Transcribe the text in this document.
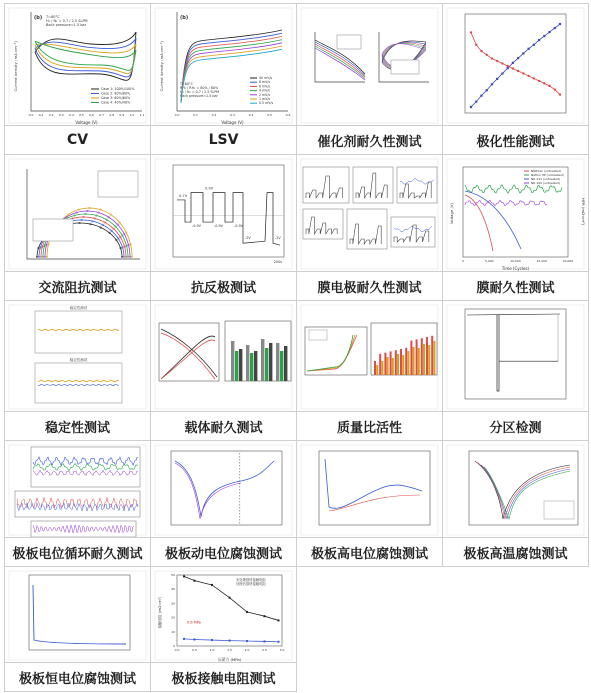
(b) T=80°C
H₂ / N₂ = 0.7 / 2.5 SLPM
Back pressure=1.5 bar
Current density (mA cm⁻²)
Voltage (V)
0.0 0.1 0.2 0.3 0.4 0.5 0.6 0.7 0.8 0.9 1.0 1.1
Case 1: 100%/100%
Case 2: 80%/80%
Case 3: 60%/60%
Case 4: 40%/40%
CV
(b)
T=80°C
RH₂ / RH₂ = 80% / 80%
H₂ / N₂ = 0.7 / 2.5 SLPM
Back pressure=1.5 bar
Current density (mA cm⁻²)
Voltage (V)
0.0	0.1	0.2	0.3	0.4	0.5	0.6
40 mV/s
8 mV/s
6 mV/s
4 mV/s
2 mV/s
1 mV/s
0.5 mV/s
LSV	催化剂耐久性测试	极化性能测试
交流阻抗测试
0.7V
0.9V
-0.9V	-0.9V	-0.9V
-2V	-2V
200s
抗反极测试	膜电极耐久性测试
Voltage (V)	HFR (mΩ·cm²)
Time (Cycles)
0	5,000	10,000	15,000	20,000
NRE211 (untreated)
Nafion HP (untreated)
NR 211 (untreated)
NR 10S (untreated)
膜耐久性测试
稳定性测试
稳定性测试
稳定性测试	载体耐久测试	质量比活性	分区检测
极板电位循环耐久测试	极板动电位腐蚀测试	极板高电位腐蚀测试	极板高温腐蚀测试
极板恒电位腐蚀测试
未处理基材接触电阻
处理后基材接触电阻
0.6 MPa
接触电阻 (mΩ·cm²)
压紧力 (MPa)
50
40
30
20
10
0
0.0	0.5	1.0	1.5	2.0	2.5	3.0
极板接触电阻测试
